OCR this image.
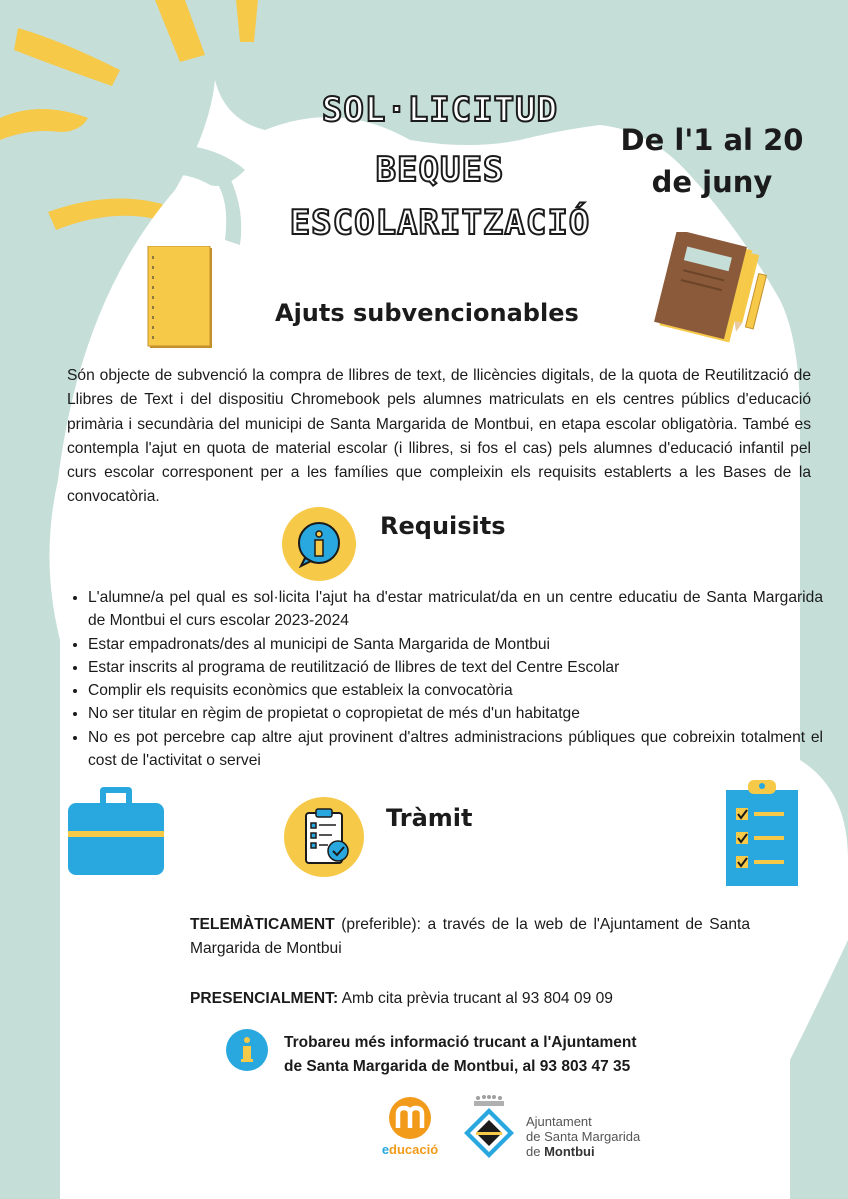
SOL·LICITUD
BEQUES
ESCOLARITZACIÓ
De l'1 al 20
de juny
Ajuts subvencionables
Són objecte de subvenció la compra de llibres de text, de llicències digitals, de la quota de Reutilització de Llibres de Text i del dispositiu Chromebook pels alumnes matriculats en els centres públics d'educació primària i secundària del municipi de Santa Margarida de Montbui, en etapa escolar obligatòria. També es contempla l'ajut en quota de material escolar (i llibres, si fos el cas) pels alumnes d'educació infantil pel curs escolar corresponent per a les famílies que compleixin els requisits establerts a les Bases de la convocatòria.
Requisits
• L'alumne/a pel qual es sol·licita l'ajut ha d'estar matriculat/da en un centre educatiu de Santa Margarida de Montbui el curs escolar 2023-2024
• Estar empadronats/des al municipi de Santa Margarida de Montbui
• Estar inscrits al programa de reutilització de llibres de text del Centre Escolar
• Complir els requisits econòmics que estableix la convocatòria
• No ser titular en règim de propietat o copropietat de més d'un habitatge
• No es pot percebre cap altre ajut provinent d'altres administracions públiques que cobreixin totalment el cost de l'activitat o servei
Tràmit
TELEMÀTICAMENT (preferible): a través de la web de l'Ajuntament de Santa Margarida de Montbui
PRESENCIALMENT: Amb cita prèvia trucant al 93 804 09 09
Trobareu més informació trucant a l'Ajuntament
de Santa Margarida de Montbui, al 93 803 47 35
educació
Ajuntament
de Santa Margarida
de Montbui
